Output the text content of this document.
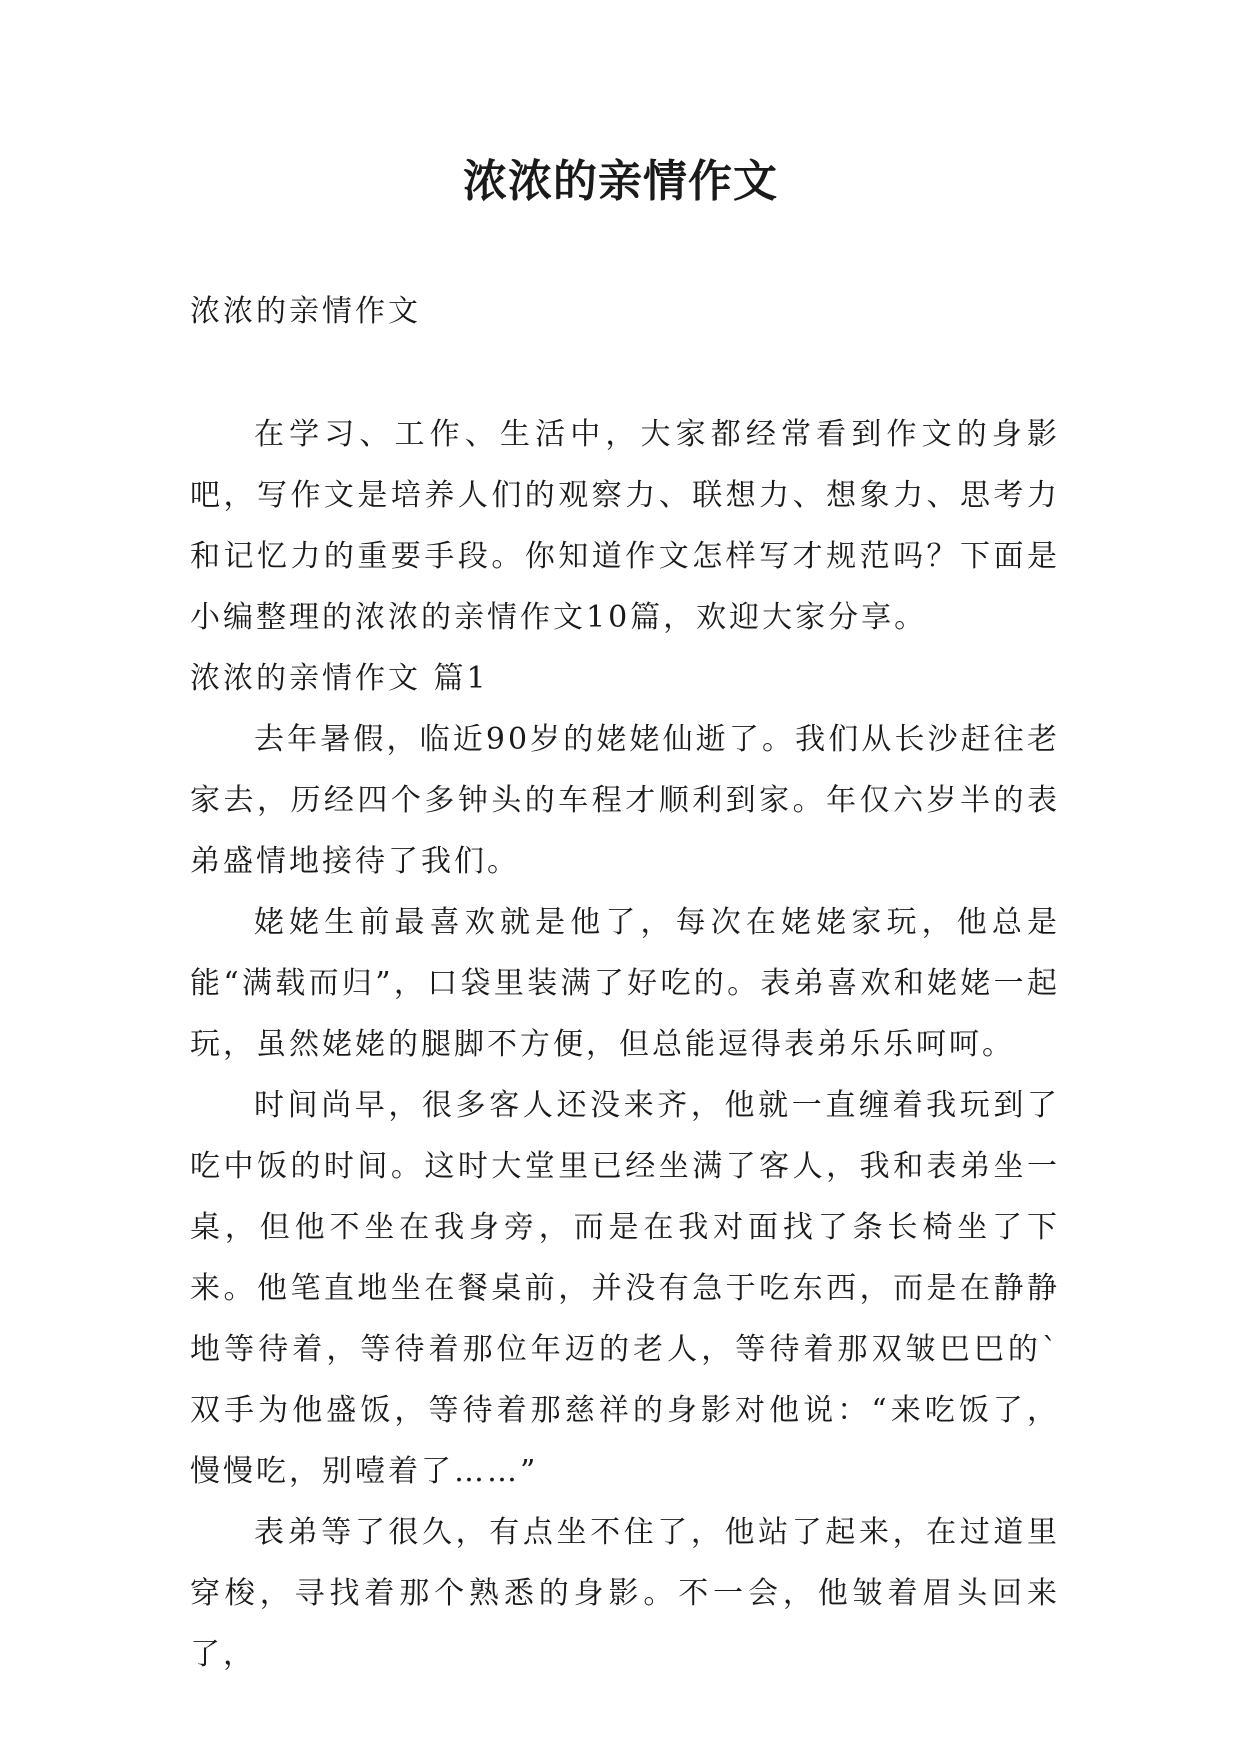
浓浓的亲情作文
浓浓的亲情作文

在学习、工作、生活中，大家都经常看到作文的身影吧，写作文是培养人们的观察力、联想力、想象力、思考力和记忆力的重要手段。你知道作文怎样写才规范吗？下面是小编整理的浓浓的亲情作文10篇，欢迎大家分享。

浓浓的亲情作文 篇1

去年暑假，临近90岁的姥姥仙逝了。我们从长沙赶往老家去，历经四个多钟头的车程才顺利到家。年仅六岁半的表弟盛情地接待了我们。

姥姥生前最喜欢就是他了，每次在姥姥家玩，他总是能“满载而归”，口袋里装满了好吃的。表弟喜欢和姥姥一起玩，虽然姥姥的腿脚不方便，但总能逗得表弟乐乐呵呵。

时间尚早，很多客人还没来齐，他就一直缠着我玩到了吃中饭的时间。这时大堂里已经坐满了客人，我和表弟坐一桌，但他不坐在我身旁，而是在我对面找了条长椅坐了下来。他笔直地坐在餐桌前，并没有急于吃东西，而是在静静地等待着，等待着那位年迈的老人，等待着那双皱巴巴的`双手为他盛饭，等待着那慈祥的身影对他说：“来吃饭了，慢慢吃，别噎着了……”

表弟等了很久，有点坐不住了，他站了起来，在过道里穿梭，寻找着那个熟悉的身影。不一会，他皱着眉头回来了，
